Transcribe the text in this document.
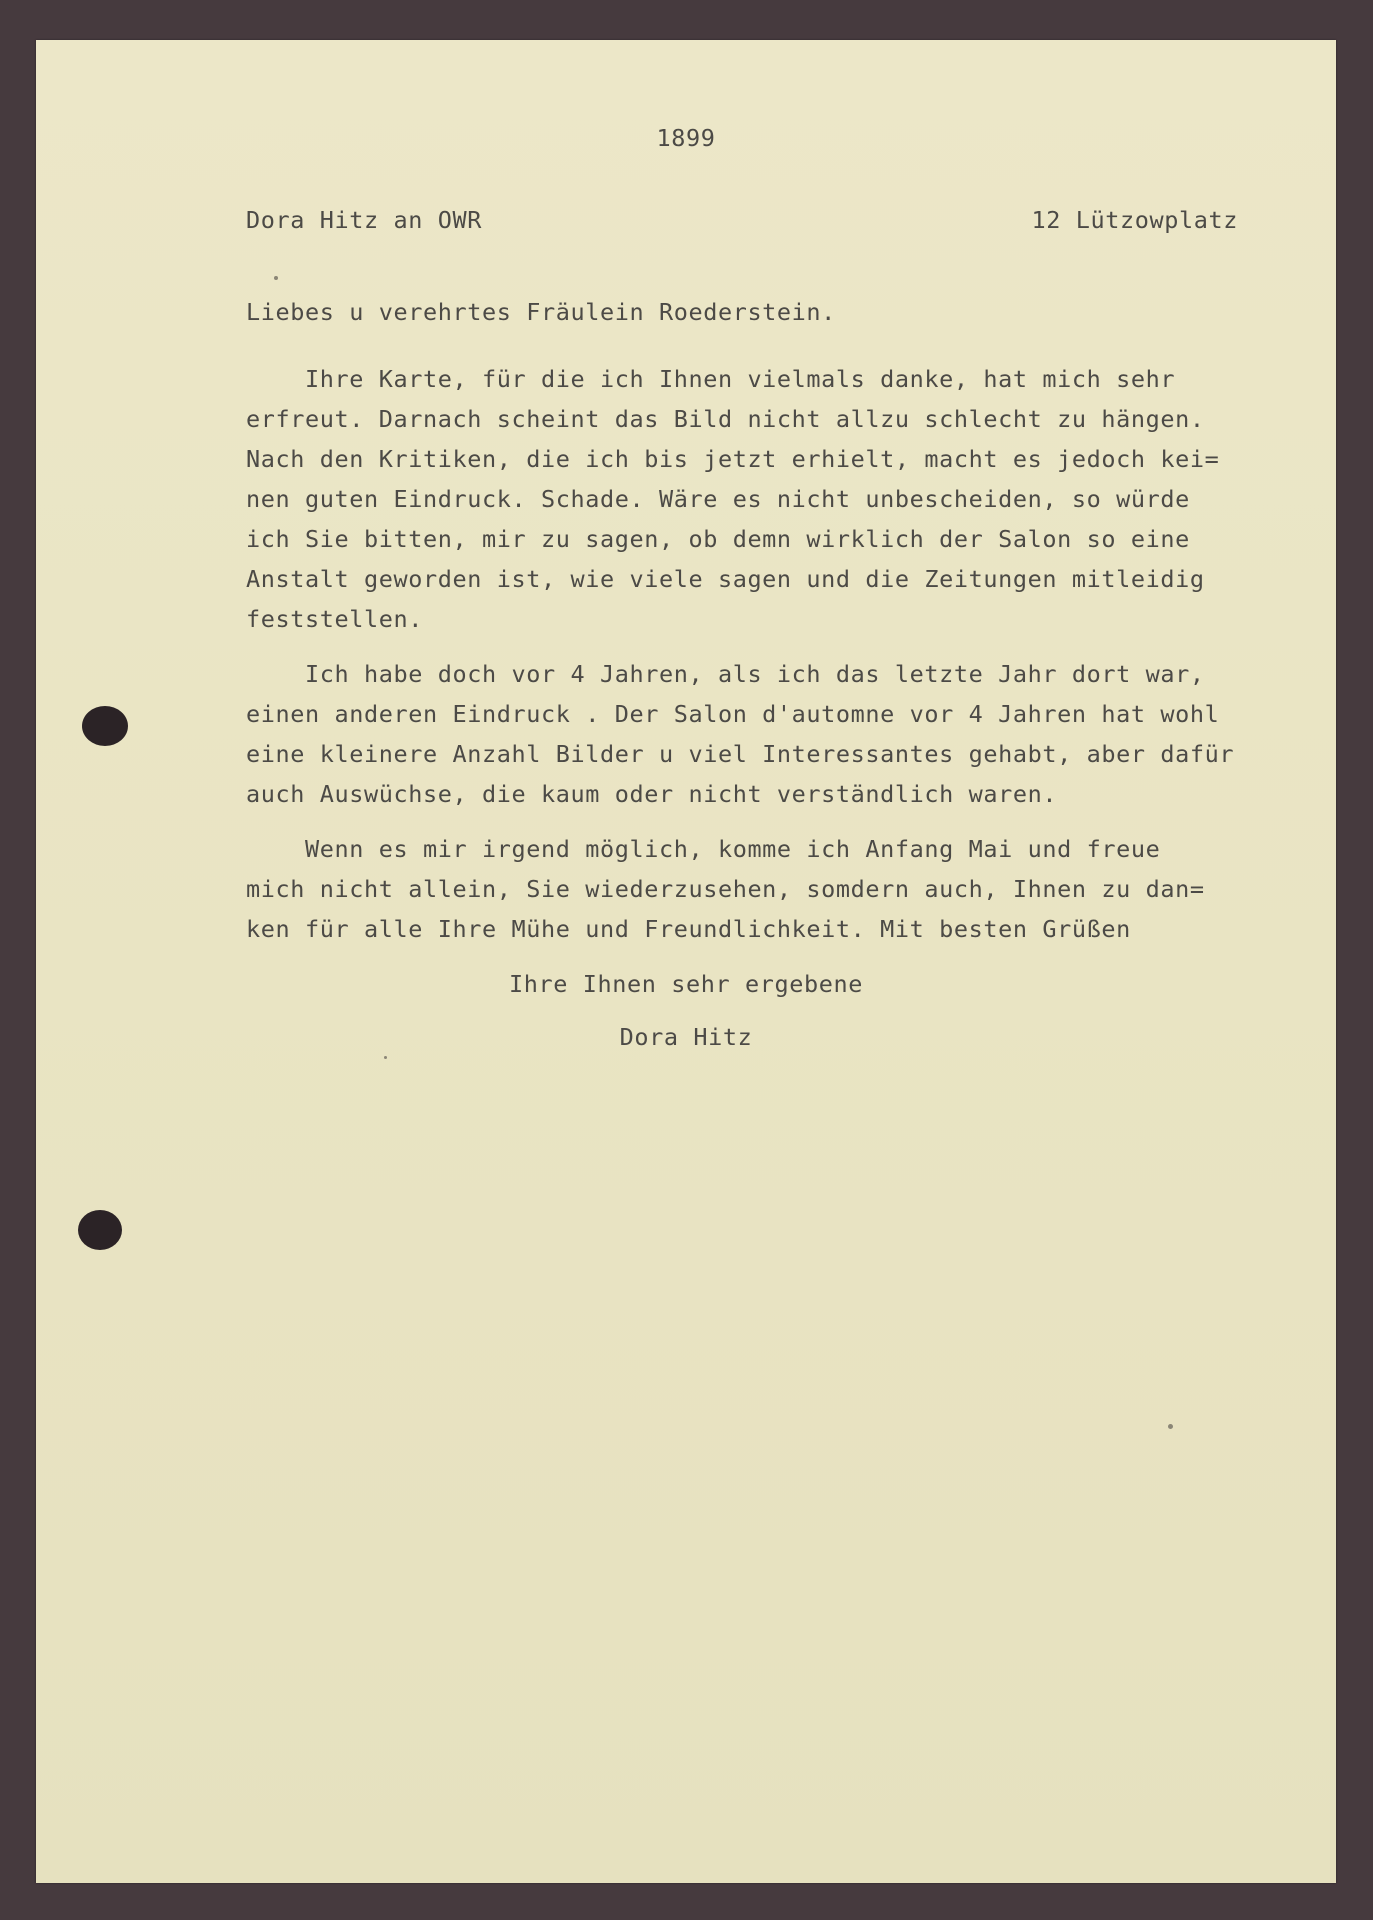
1899
Dora Hitz an OWR	12 Lützowplatz
Liebes u verehrtes Fräulein Roederstein.
Ihre Karte, für die ich Ihnen vielmals danke, hat mich sehr
erfreut. Darnach scheint das Bild nicht allzu schlecht zu hängen.
Nach den Kritiken, die ich bis jetzt erhielt, macht es jedoch kei=
nen guten Eindruck. Schade. Wäre es nicht unbescheiden, so würde
ich Sie bitten, mir zu sagen, ob demn wirklich der Salon so eine
Anstalt geworden ist, wie viele sagen und die Zeitungen mitleidig
feststellen.
Ich habe doch vor 4 Jahren, als ich das letzte Jahr dort war,
einen anderen Eindruck . Der Salon d'automne vor 4 Jahren hat wohl
eine kleinere Anzahl Bilder u viel Interessantes gehabt, aber dafür
auch Auswüchse, die kaum oder nicht verständlich waren.
Wenn es mir irgend möglich, komme ich Anfang Mai und freue
mich nicht allein, Sie wiederzusehen, somdern auch, Ihnen zu dan=
ken für alle Ihre Mühe und Freundlichkeit. Mit besten Grüßen
Ihre Ihnen sehr ergebene
Dora Hitz
